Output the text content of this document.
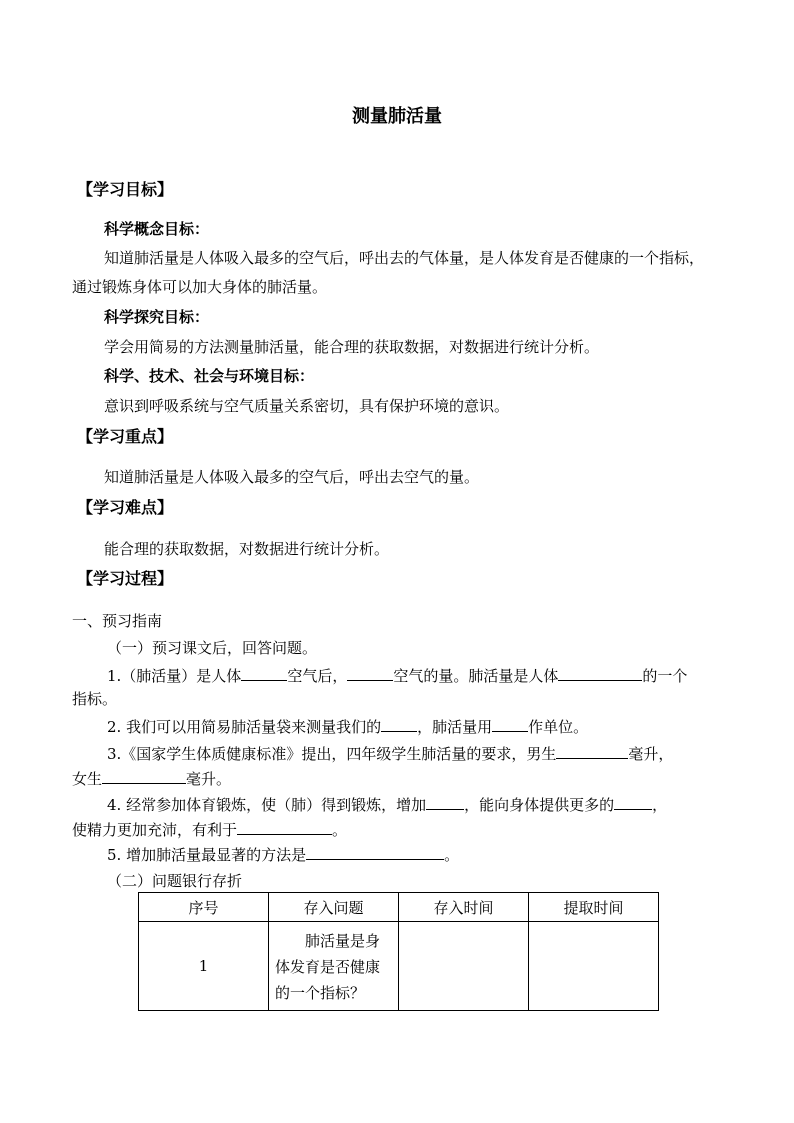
测量肺活量
【学习目标】
科学概念目标：
知道肺活量是人体吸入最多的空气后，呼出去的气体量，是人体发育是否健康的一个指标，
通过锻炼身体可以加大身体的肺活量。
科学探究目标：
学会用简易的方法测量肺活量，能合理的获取数据，对数据进行统计分析。
科学、技术、社会与环境目标：
意识到呼吸系统与空气质量关系密切，具有保护环境的意识。
【学习重点】
知道肺活量是人体吸入最多的空气后，呼出去空气的量。
【学习难点】
能合理的获取数据，对数据进行统计分析。
【学习过程】
一、预习指南
（一）预习课文后，回答问题。
1.（肺活量）是人体	空气后，	空气的量。肺活量是人体	的一个
指标。
2. 我们可以用简易肺活量袋来测量我们的 ，肺活量用 作单位。
3.《国家学生体质健康标准》提出，四年级学生肺活量的要求，男生	毫升，
女生	毫升。
4. 经常参加体育锻炼，使（肺）得到锻炼，增加	，能向身体提供更多的	，
使精力更加充沛，有利于	。
5. 增加肺活量最显著的方法是	。
（二）问题银行存折
序号	存入问题	存入时间	提取时间
1	肺活量是身体发育是否健康的一个指标？		
